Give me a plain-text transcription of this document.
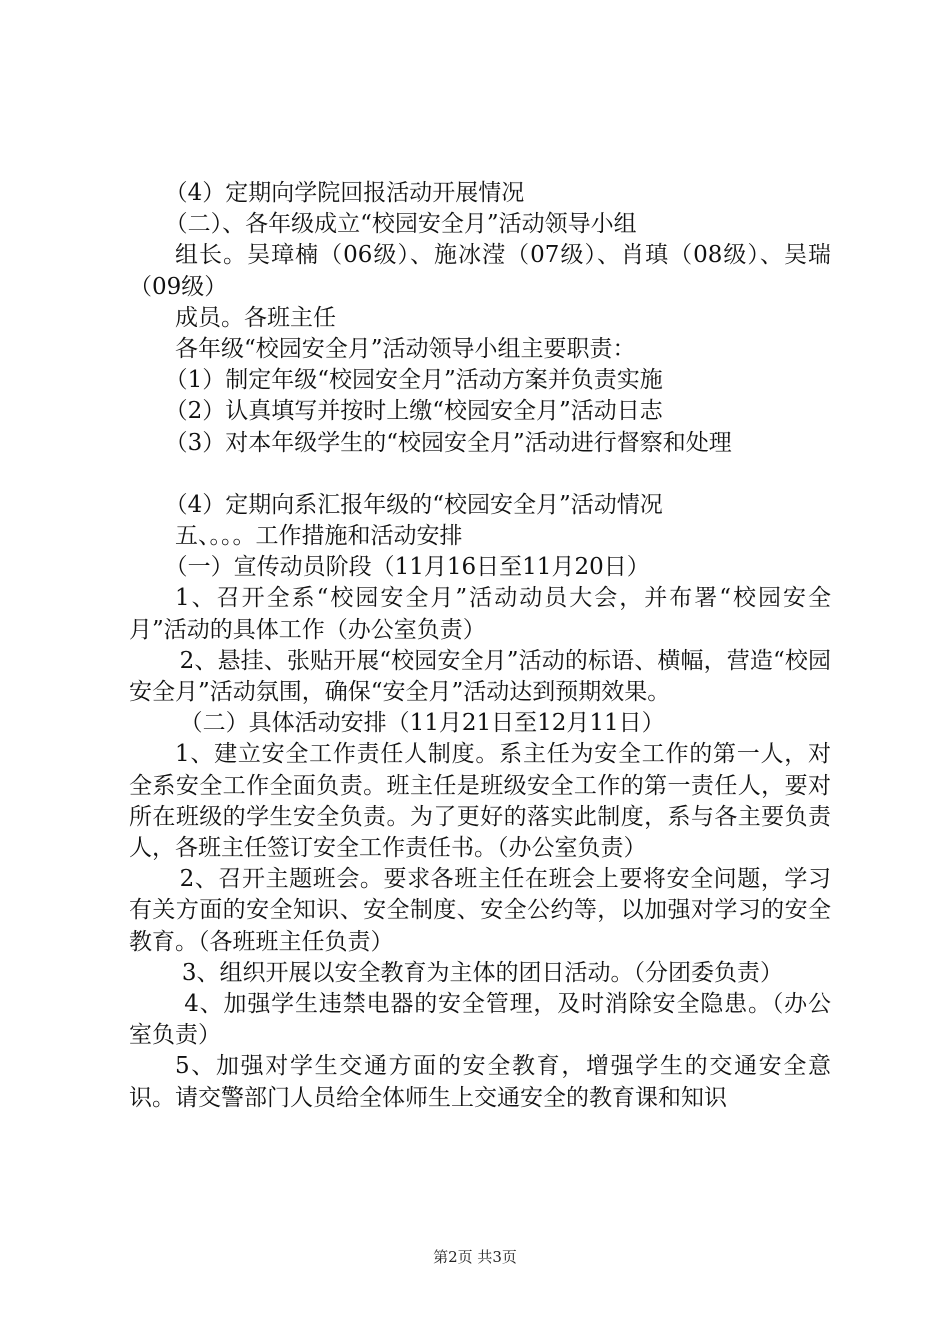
（4）定期向学院回报活动开展情况

（二）、各年级成立“校园安全月”活动领导小组

组长。吴璋楠（06级）、施冰滢（07级）、肖瑱（08级）、吴瑞（09级）

成员。各班主任

各年级“校园安全月”活动领导小组主要职责：

（1）制定年级“校园安全月”活动方案并负责实施

（2）认真填写并按时上缴“校园安全月”活动日志

（3）对本年级学生的“校园安全月”活动进行督察和处理

（4）定期向系汇报年级的“校园安全月”活动情况

五、。。。工作措施和活动安排

（一）宣传动员阶段（11月16日至11月20日）

1、召开全系“校园安全月”活动动员大会，并布署“校园安全月”活动的具体工作（办公室负责）

2、悬挂、张贴开展“校园安全月”活动的标语、横幅，营造“校园安全月”活动氛围，确保“安全月”活动达到预期效果。

（二）具体活动安排（11月21日至12月11日）

1、建立安全工作责任人制度。系主任为安全工作的第一人，对全系安全工作全面负责。班主任是班级安全工作的第一责任人，要对所在班级的学生安全负责。为了更好的落实此制度，系与各主要负责人，各班主任签订安全工作责任书。（办公室负责）

2、召开主题班会。要求各班主任在班会上要将安全问题，学习有关方面的安全知识、安全制度、安全公约等，以加强对学习的安全教育。（各班班主任负责）

3、组织开展以安全教育为主体的团日活动。（分团委负责）

4、加强学生违禁电器的安全管理，及时消除安全隐患。（办公室负责）

5、加强对学生交通方面的安全教育，增强学生的交通安全意识。请交警部门人员给全体师生上交通安全的教育课和知识

第2页 共3页
